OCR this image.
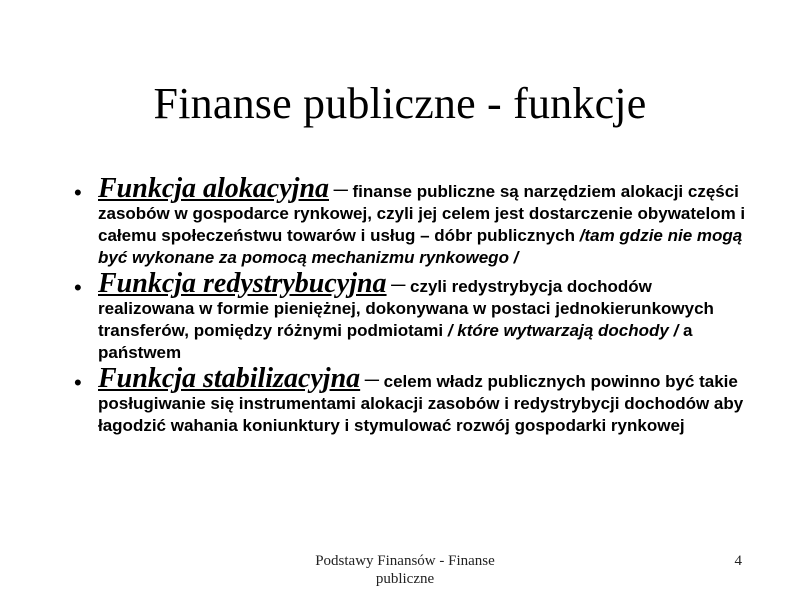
Finanse publiczne - funkcje
• Funkcja alokacyjna – finanse publiczne są narzędziem alokacji części zasobów w gospodarce rynkowej, czyli jej celem jest dostarczenie obywatelom i całemu społeczeństwu towarów i usług – dóbr publicznych /tam gdzie nie mogą być wykonane za pomocą mechanizmu rynkowego /
• Funkcja redystrybucyjna – czyli redystrybycja dochodów realizowana w formie pieniężnej, dokonywana w postaci jednokierunkowych transferów, pomiędzy różnymi podmiotami / które wytwarzają dochody / a państwem
• Funkcja stabilizacyjna – celem władz publicznych powinno być takie posługiwanie się instrumentami alokacji zasobów i redystrybycji dochodów aby łagodzić wahania koniunktury i stymulować rozwój gospodarki rynkowej
Podstawy Finansów - Finanse publiczne
4
